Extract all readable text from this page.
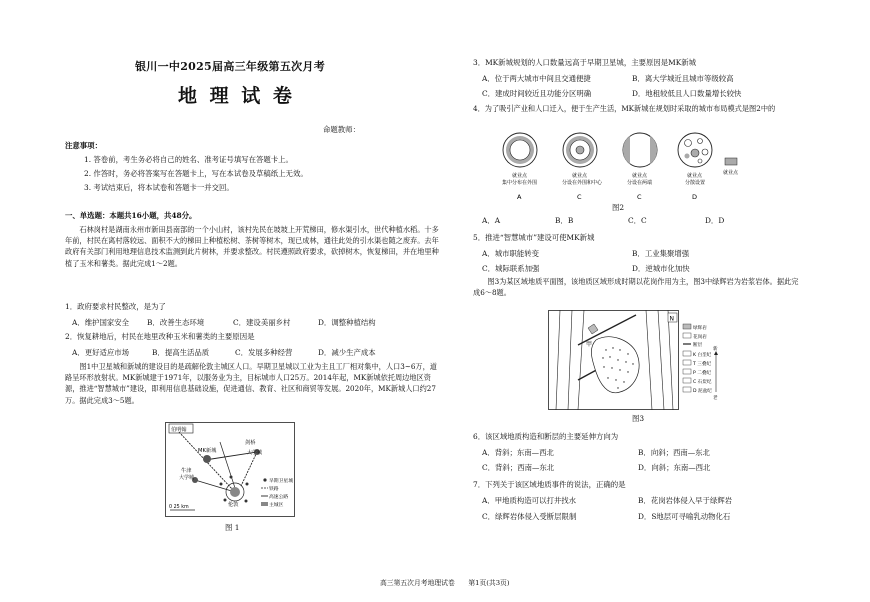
银川一中2025届高三年级第五次月考
地 理 试 卷
命题教师：
注意事项：
1. 答卷前，考生务必将自己的姓名、准考证号填写在答题卡上。
2. 作答时，务必将答案写在答题卡上，写在本试卷及草稿纸上无效。
3. 考试结束后，将本试卷和答题卡一并交回。
一、单选题：本题共16小题，共48分。
石林岗村是湖南永州市新田县南部的一个小山村，该村先民在坡坡上开荒梯田，修水渠引水，世代种植水稻。十多年前，村民在离村落较远、面积不大的梯田上种植松树、茶树等树木，现已成林，通往此处的引水渠也随之废弃。去年政府有关部门利用地理信息技术监测到此片树林，并要求整改。村民遵照政府要求，砍掉树木，恢复梯田，并在地里种植了玉米和薯类。据此完成1～2题。
1．政府要求村民整改，是为了
A．维护国家安全 B．改善生态环境	C．建设美丽乡村	D．调整种植结构
2．恢复耕地后，村民在地里改种玉米和薯类的主要原因是
A．更好适应市场	B．提高生活品质	C．发展多种经营	D．减少生产成本
图1中卫星城和新城的建设目的是疏解伦敦主城区人口。早期卫星城以工业为主且工厂相对集中，人口3~6万，道路呈环形放射状。MK新城建于1971年，以服务业为主，目标城市人口25万。2014年起，MK新城依托周边地区资源，推进“智慧城市”建设，即利用信息基础设施，促进通信、教育、社区和商贸等发展。2020年，MK新城人口约27万。据此完成3～5题。
伯明翰
MK新城
剑桥
大学城
牛津
大学城
伦敦
0 25 km
早期卫星城
铁路
高速公路
主城区
图 1
3．MK新城规划的人口数量远高于早期卫星城，主要原因是MK新城
A．位于两大城市中间且交通便捷	B．离大学城近且城市等级较高
C．建成时间较近且功能分区明确	D．地租较低且人口数量增长较快
4．为了吸引产业和人口迁入，便于生产生活，MK新城在规划时采取的城市布局模式是图2中的
就业点
就业点
集中分布在外围
A
就业点
分设在外围和中心
C
就业点
分设在两端
C
就业点
分散设置
D
图2
A．A	B．B	C．C	D．D
5．推进“智慧城市”建设可使MK新城
A．城市职能转变	B．工业集聚增强
C．城际联系加强	D．逆城市化加快
图3为某区域地质平面图，该地质区域形成时期以花岗作用为主，图3中绿辉岩为岩浆岩体。据此完成6～8题。
甲
N
绿辉岩
花岗岩
断层
K 白垩纪
T 三叠纪
P 二叠纪
C 石炭纪
D 泥盆纪
新
老
图3
6．该区域地质构造和断层的主要延伸方向为
A．背斜；东南—西北	B．向斜；西南—东北
C．背斜；西南—东北	D．向斜；东南—西北
7．下列关于该区域地质事件的说法，正确的是
A．甲地质构造可以打井找水	B．花岗岩体侵入早于绿辉岩
C．绿辉岩体侵入受断层限制	D．S地层可寻喻乳动物化石
高三第五次月考地理试卷　　第1页(共3页)
